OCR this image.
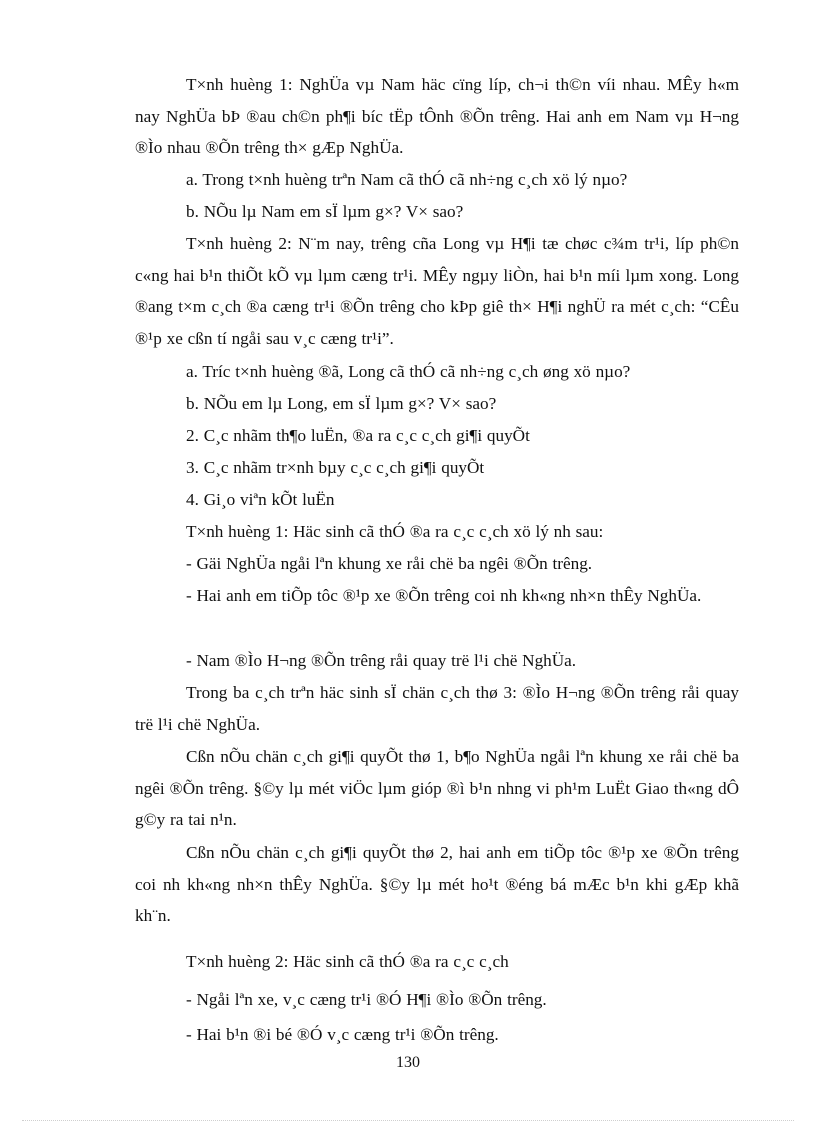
T×nh huèng 1: NghÜa vµ Nam häc cïng líp, ch¬i th©n víi nhau. MÊy h«m nay NghÜa bÞ ®au ch©n ph¶i bíc tËp tÔnh ®Õn trêng. Hai anh em Nam vµ H¬ng ®Ìo nhau ®Õn trêng th× gÆp NghÜa.

a. Trong t×nh huèng trªn Nam cã thÓ cã nh÷ng c¸ch xö lý nµo?

b. NÕu lµ Nam em sÏ lµm g×? V× sao?

T×nh huèng 2: N¨m nay, trêng cña Long vµ H¶i tæ chøc c¾m tr¹i, líp ph©n c«ng hai b¹n thiÕt kÕ vµ lµm cæng tr¹i. MÊy ngµy liÒn, hai b¹n míi lµm xong. Long ®ang t×m c¸ch ®a cæng tr¹i ®Õn trêng cho kÞp giê th× H¶i nghÜ ra mét c¸ch: “CÊu ®¹p xe cßn tí ngåi sau v¸c cæng tr¹i”.

a. Tríc t×nh huèng ®ã, Long cã thÓ cã nh÷ng c¸ch øng xö nµo?

b. NÕu em lµ Long, em sÏ lµm g×? V× sao?

2. C¸c nhãm th¶o luËn, ®a ra c¸c c¸ch gi¶i quyÕt

3. C¸c nhãm tr×nh bµy c¸c c¸ch gi¶i quyÕt

4. Gi¸o viªn kÕt luËn

T×nh huèng 1: Häc sinh cã thÓ ®a ra c¸c c¸ch xö lý nh sau:

- Gäi NghÜa ngåi lªn khung xe råi chë ba ngêi ®Õn trêng.

- Hai anh em tiÕp tôc ®¹p xe ®Õn trêng coi nh kh«ng nh×n thÊy NghÜa.

- Nam ®Ìo H¬ng ®Õn trêng råi quay trë l¹i chë NghÜa.

Trong ba c¸ch trªn häc sinh sÏ chän c¸ch thø 3: ®Ìo H¬ng ®Õn trêng råi quay trë l¹i chë NghÜa.

Cßn nÕu chän c¸ch gi¶i quyÕt thø 1, b¶o NghÜa ngåi lªn khung xe råi chë ba ngêi ®Õn trêng. §©y lµ mét viÖc lµm gióp ®ì b¹n nhng vi ph¹m LuËt Giao th«ng dÔ g©y ra tai n¹n.

Cßn nÕu chän c¸ch gi¶i quyÕt thø 2, hai anh em tiÕp tôc ®¹p xe ®Õn trêng coi nh kh«ng nh×n thÊy NghÜa. §©y lµ mét ho¹t ®éng bá mÆc b¹n khi gÆp khã kh¨n.

T×nh huèng 2: Häc sinh cã thÓ ®a ra c¸c c¸ch

- Ngåi lªn xe, v¸c cæng tr¹i ®Ó H¶i ®Ìo ®Õn trêng.

- Hai b¹n ®i bé ®Ó v¸c cæng tr¹i ®Õn trêng.

130
